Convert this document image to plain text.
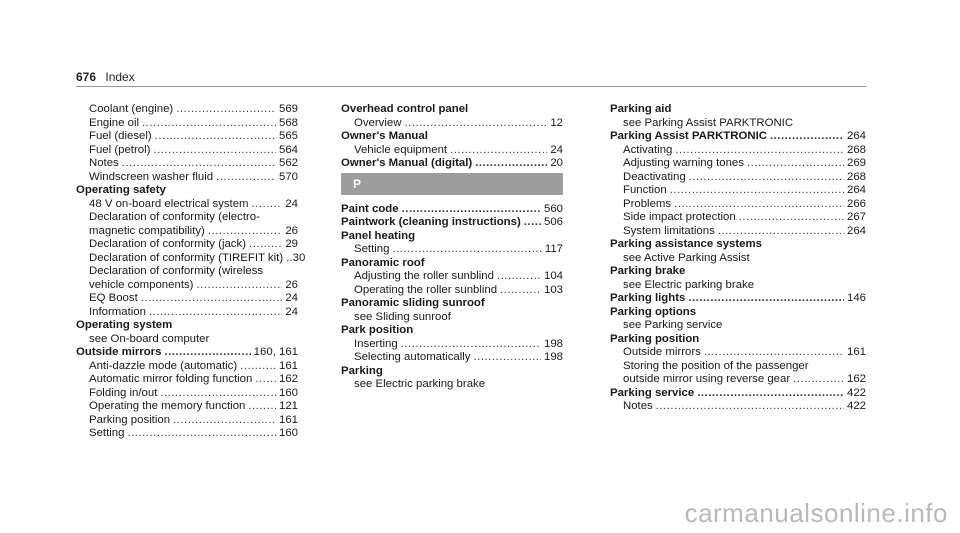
676 Index
Coolant (engine) .....	569
Engine oil .....	568
Fuel (diesel) .....	565
Fuel (petrol) .....	564
Notes .....	562
Windscreen washer fluid .....	570
Operating safety
48 V on-board electrical system .....	24
Declaration of conformity (electro-
magnetic compatibility) .....	26
Declaration of conformity (jack) .....	29
Declaration of conformity (TIREFIT kit) .. 30
Declaration of conformity (wireless
vehicle components) .....	26
EQ Boost .....	24
Information .....	24
Operating system
see On-board computer
Outside mirrors .....	160, 161
Anti-dazzle mode (automatic) .....	161
Automatic mirror folding function ..... 162
Folding in/out .....	160
Operating the memory function .....	121
Parking position .....	161
Setting .....	160
Overhead control panel
Overview .....	12
Owner's Manual
Vehicle equipment .....	24
Owner's Manual (digital) .....	20
P
Paint code .....	560
Paintwork (cleaning instructions) ..... 506
Panel heating
Setting .....	117
Panoramic roof
Adjusting the roller sunblind .....	104
Operating the roller sunblind .....	103
Panoramic sliding sunroof
see Sliding sunroof
Park position
Inserting .....	198
Selecting automatically .....	198
Parking
see Electric parking brake
Parking aid
see Parking Assist PARKTRONIC
Parking Assist PARKTRONIC .....	264
Activating .....	268
Adjusting warning tones .....	269
Deactivating .....	268
Function .....	264
Problems .....	266
Side impact protection .....	267
System limitations .....	264
Parking assistance systems
see Active Parking Assist
Parking brake
see Electric parking brake
Parking lights .....	146
Parking options
see Parking service
Parking position
Outside mirrors .....	161
Storing the position of the passenger
outside mirror using reverse gear .....	162
Parking service .....	422
Notes .....	422
carmanualsonline.info
